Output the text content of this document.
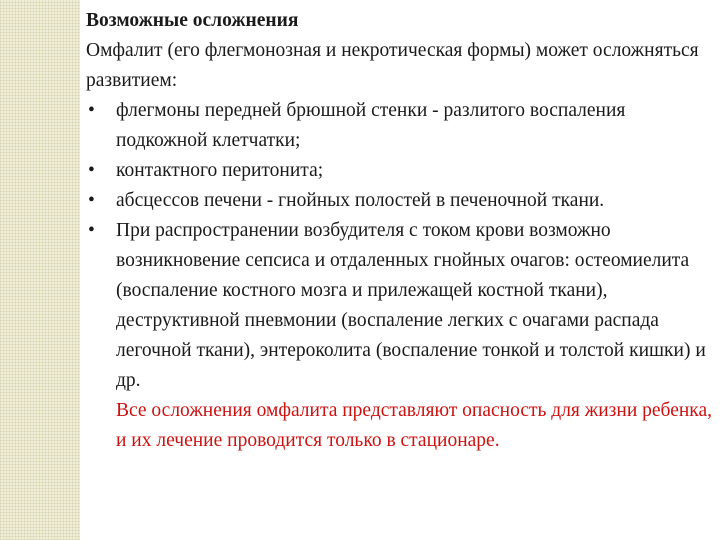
Возможные осложнения

Омфалит (его флегмонозная и некротическая формы) может осложняться развитием:

• флегмоны передней брюшной стенки - разлитого воспаления подкожной клетчатки;
• контактного перитонита;
• абсцессов печени - гнойных полостей в печеночной ткани.
• При распространении возбудителя с током крови возможно возникновение сепсиса и отдаленных гнойных очагов: остеомиелита (воспаление костного мозга и прилежащей костной ткани), деструктивной пневмонии (воспаление легких с очагами распада легочной ткани), энтероколита (воспаление тонкой и толстой кишки) и др.
Все осложнения омфалита представляют опасность для жизни ребенка, и их лечение проводится только в стационаре.
